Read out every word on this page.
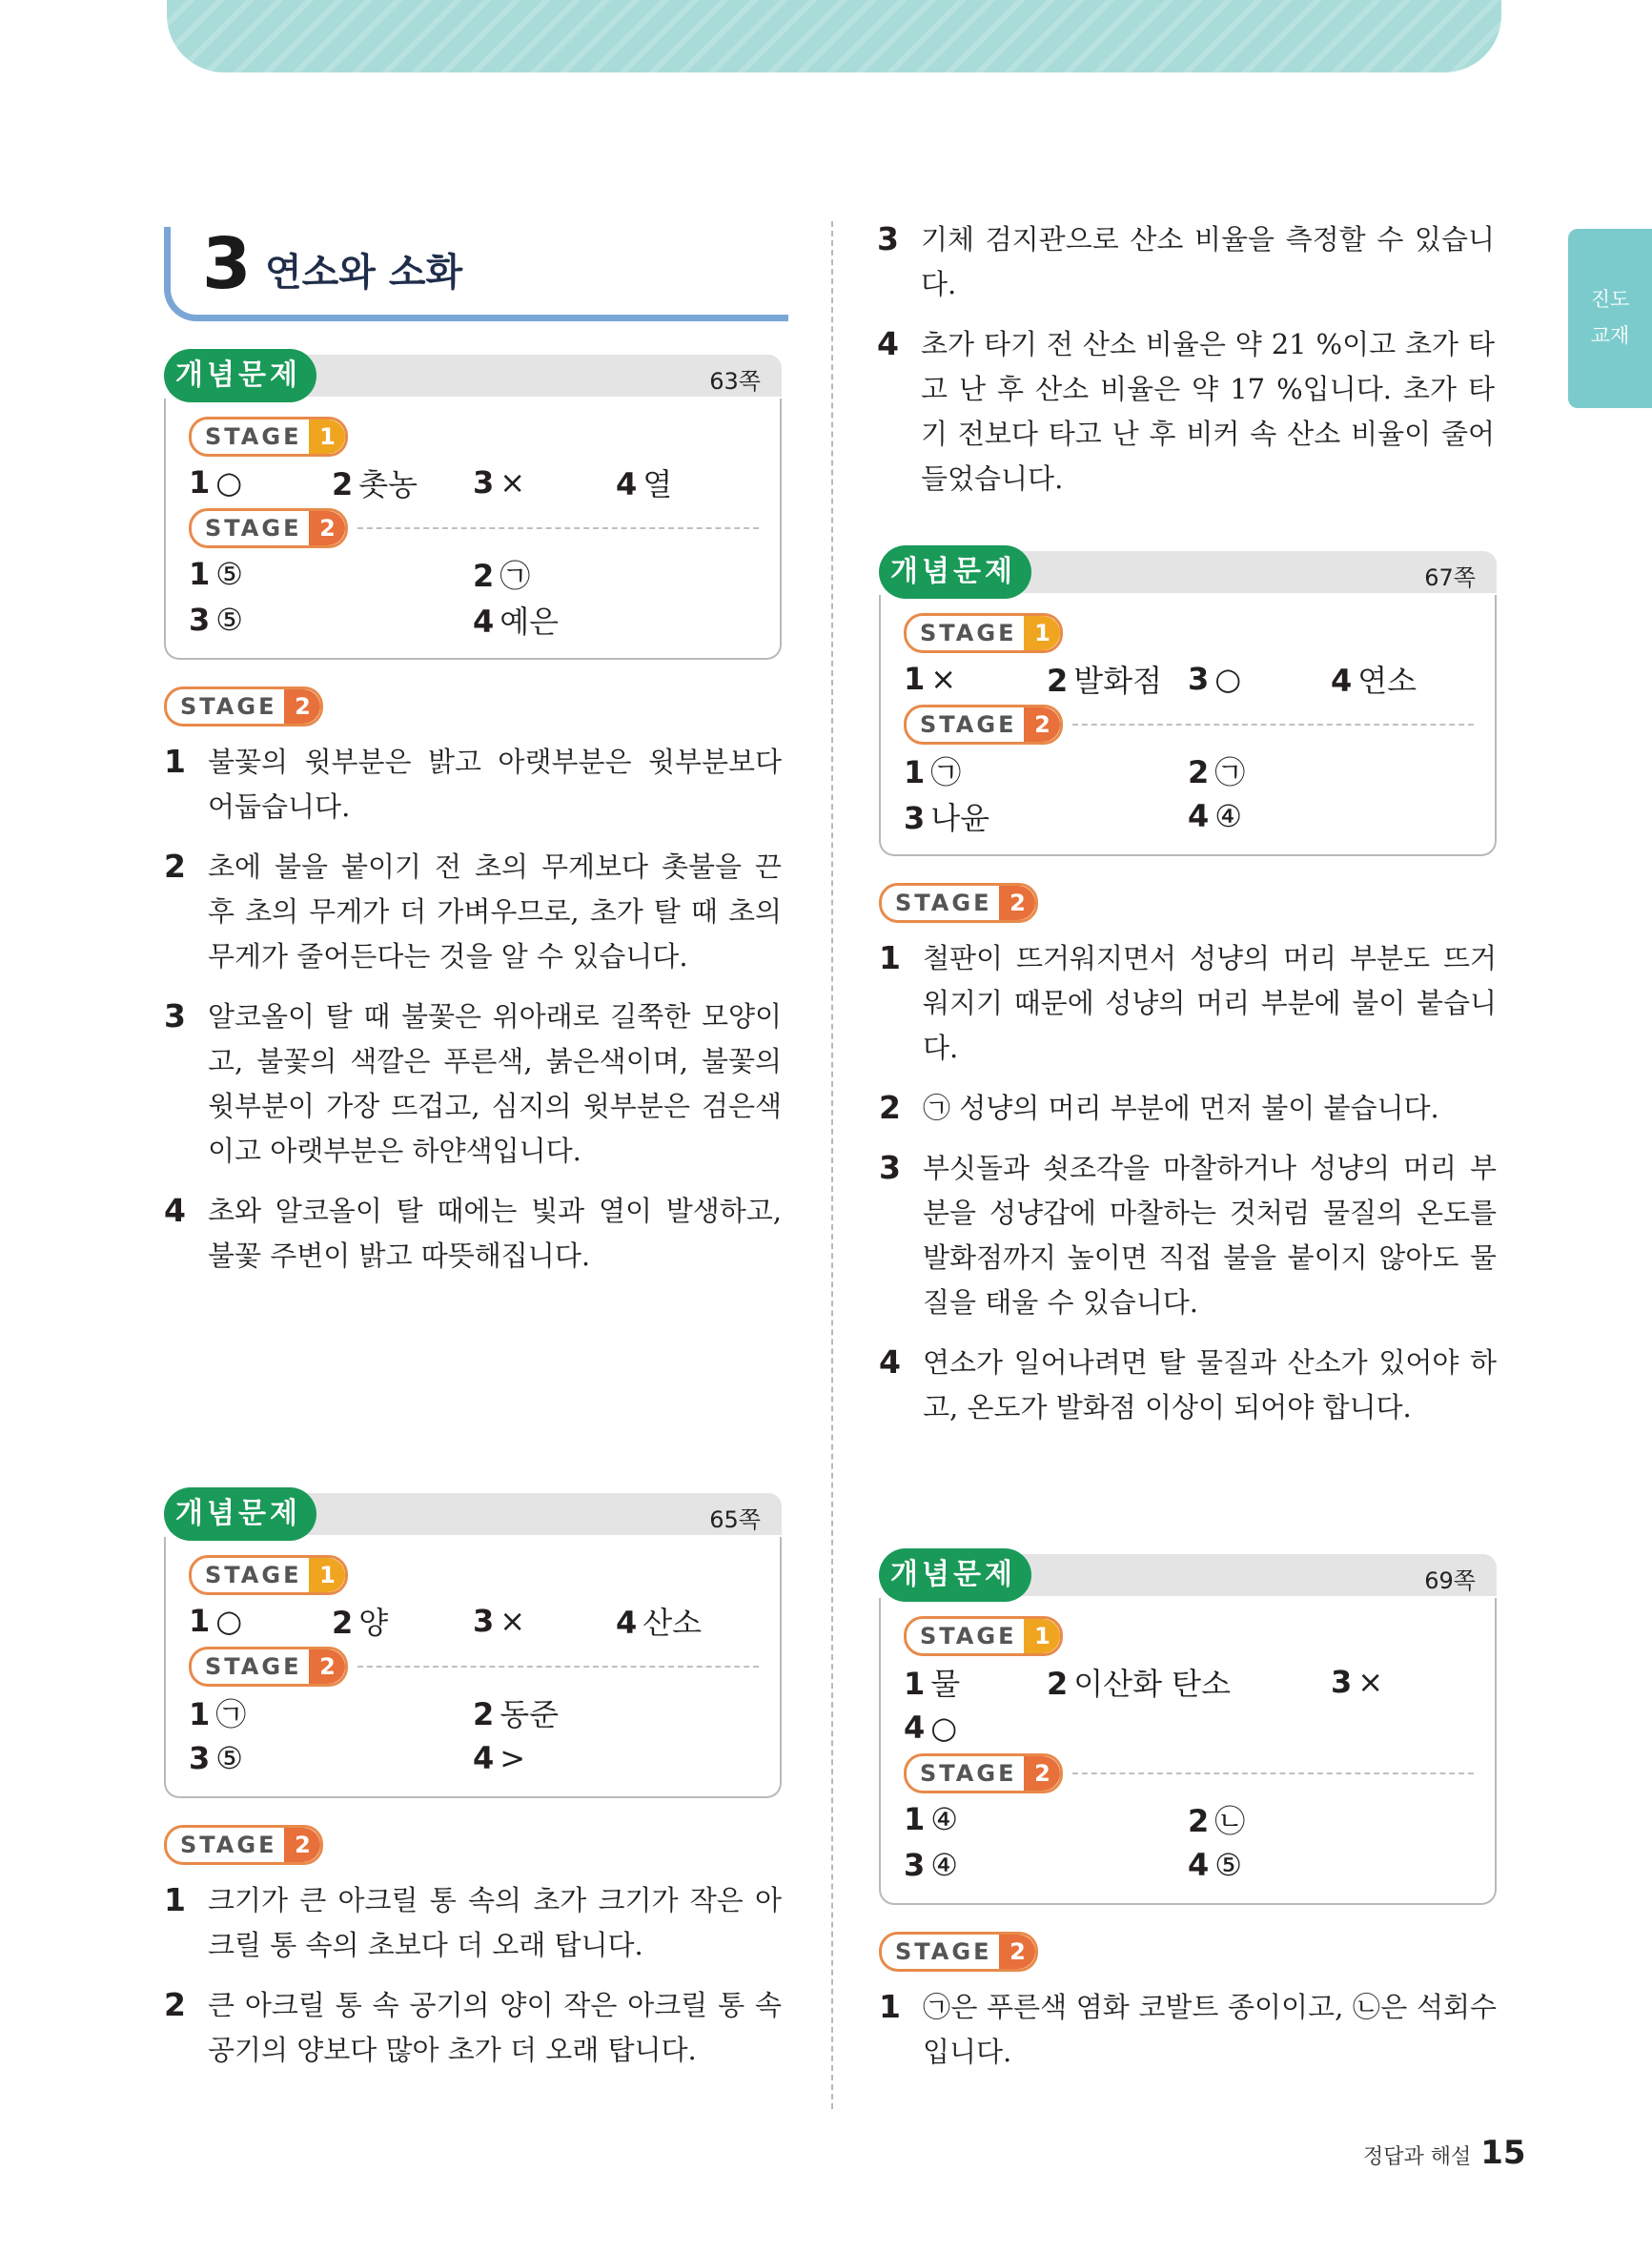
진도
교재
3 연소와 소화
개념문제	63쪽
STAGE 1
1 ○	2 촛농	3 ×	4 열
STAGE 2
1 ⑤	2 ㉠
3 ⑤	4 예은
STAGE 2
1 불꽃의 윗부분은 밝고 아랫부분은 윗부분보다 어둡습니다.
2 초에 불을 붙이기 전 초의 무게보다 촛불을 끈 후 초의 무게가 더 가벼우므로, 초가 탈 때 초의 무게가 줄어든다는 것을 알 수 있습니다.
3 알코올이 탈 때 불꽃은 위아래로 길쭉한 모양이고, 불꽃의 색깔은 푸른색, 붉은색이며, 불꽃의 윗부분이 가장 뜨겁고, 심지의 윗부분은 검은색이고 아랫부분은 하얀색입니다.
4 초와 알코올이 탈 때에는 빛과 열이 발생하고, 불꽃 주변이 밝고 따뜻해집니다.
개념문제	65쪽
STAGE 1
1 ○	2 양	3 ×	4 산소
STAGE 2
1 ㉠	2 동준
3 ⑤	4 >
STAGE 2
1 크기가 큰 아크릴 통 속의 초가 크기가 작은 아크릴 통 속의 초보다 더 오래 탑니다.
2 큰 아크릴 통 속 공기의 양이 작은 아크릴 통 속 공기의 양보다 많아 초가 더 오래 탑니다.
3 기체 검지관으로 산소 비율을 측정할 수 있습니다.
4 초가 타기 전 산소 비율은 약 21 %이고 초가 타고 난 후 산소 비율은 약 17 %입니다. 초가 타기 전보다 타고 난 후 비커 속 산소 비율이 줄어들었습니다.
개념문제	67쪽
STAGE 1
1 ×	2 발화점 3 ○	4 연소
STAGE 2
1 ㉠	2 ㉠
3 나윤	4 ④
STAGE 2
1 철판이 뜨거워지면서 성냥의 머리 부분도 뜨거워지기 때문에 성냥의 머리 부분에 불이 붙습니다.
2 ㉠ 성냥의 머리 부분에 먼저 불이 붙습니다.
3 부싯돌과 쇳조각을 마찰하거나 성냥의 머리 부분을 성냥갑에 마찰하는 것처럼 물질의 온도를 발화점까지 높이면 직접 불을 붙이지 않아도 물질을 태울 수 있습니다.
4 연소가 일어나려면 탈 물질과 산소가 있어야 하고, 온도가 발화점 이상이 되어야 합니다.
개념문제	69쪽
STAGE 1
1 물	2 이산화 탄소	3 ×
4 ○
STAGE 2
1 ④	2 ㉡
3 ④	4 ⑤
STAGE 2
1 ㉠은 푸른색 염화 코발트 종이이고, ㉡은 석회수입니다.
정답과 해설 15
